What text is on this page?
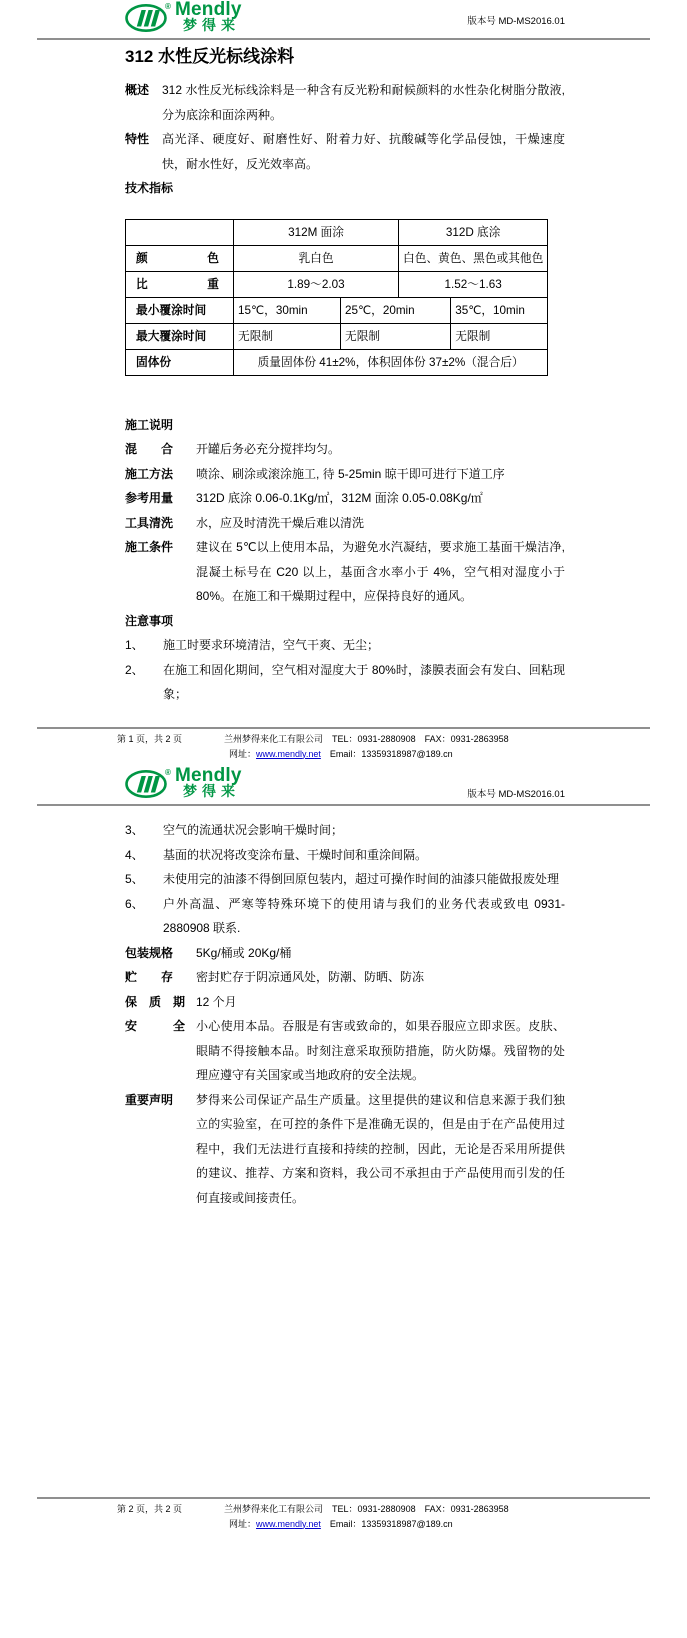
® Mendly
梦得来	版本号 MD-MS2016.01
312 水性反光标线涂料
概述	312 水性反光标线涂料是一种含有反光粉和耐候颜料的水性杂化树脂分散液, 分为底涂和面涂两种。
特性	高光泽、硬度好、耐磨性好、附着力好、抗酸碱等化学品侵蚀，干燥速度快，耐水性好，反光效率高。
技术指标
	312M 面涂		312D 底涂	
颜 色	乳白色		白色、黄色、黑色或其他色	
比 重	1.89～2.03		1.52～1.63	
最小覆涂时间	15℃，30min	25℃，20min		35℃，10min
最大覆涂时间	无限制	无限制		无限制
固体份	质量固体份 41±2%，体积固体份 37±2%（混合后）			
施工说明
混　　合	开罐后务必充分搅拌均匀。
施工方法	喷涂、刷涂或滚涂施工, 待 5-25min 晾干即可进行下道工序
参考用量	312D 底涂 0.06-0.1Kg/㎡，312M 面涂 0.05-0.08Kg/㎡
工具清洗	水，应及时清洗干燥后难以清洗
施工条件	建议在 5℃以上使用本品，为避免水汽凝结，要求施工基面干燥洁净, 混凝土标号在 C20 以上，基面含水率小于 4%，空气相对湿度小于 80%。在施工和干燥期过程中，应保持良好的通风。
注意事项
1、	施工时要求环境清洁，空气干爽、无尘；
2、	在施工和固化期间，空气相对湿度大于 80%时，漆膜表面会有发白、回粘现象；
第 1 页，共 2 页	兰州梦得来化工有限公司 TEL：0931-2880908 FAX：0931-2863958
网址：www.mendly.net Email：13359318987@189.cn
® Mendly
梦得来	版本号 MD-MS2016.01
3、	空气的流通状况会影响干燥时间；
4、	基面的状况将改变涂布量、干燥时间和重涂间隔。
5、	未使用完的油漆不得倒回原包装内，超过可操作时间的油漆只能做报废处理
6、	户外高温、严寒等特殊环境下的使用请与我们的业务代表或致电 0931-2880908 联系.
包装规格	5Kg/桶或 20Kg/桶
贮　　存	密封贮存于阴凉通风处，防潮、防晒、防冻
保　质　期 12 个月
安　　　全 小心使用本品。吞服是有害或致命的，如果吞服应立即求医。皮肤、眼睛不得接触本品。时刻注意采取预防措施，防火防爆。残留物的处理应遵守有关国家或当地政府的安全法规。
重要声明	梦得来公司保证产品生产质量。这里提供的建议和信息来源于我们独立的实验室，在可控的条件下是准确无误的，但是由于在产品使用过程中，我们无法进行直接和持续的控制，因此，无论是否采用所提供的建议、推荐、方案和资料，我公司不承担由于产品使用而引发的任何直接或间接责任。
第 2 页，共 2 页	兰州梦得来化工有限公司 TEL：0931-2880908 FAX：0931-2863958
网址：www.mendly.net Email：13359318987@189.cn
